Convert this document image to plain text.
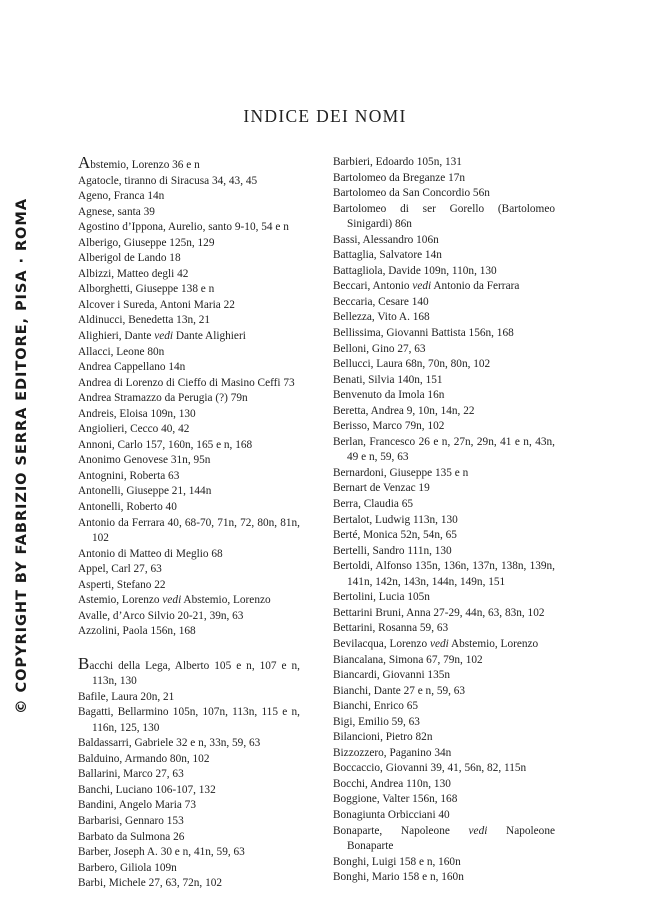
© COPYRIGHT BY FABRIZIO SERRA EDITORE, PISA · ROMA
INDICE DEI NOMI

Abstemio, Lorenzo 36 e n

Agatocle, tiranno di Siracusa 34, 43, 45

Ageno, Franca 14n

Agnese, santa 39

Agostino d’Ippona, Aurelio, santo 9-10, 54 e n

Alberigo, Giuseppe 125n, 129

Alberigol de Lando 18

Albizzi, Matteo degli 42

Alborghetti, Giuseppe 138 e n

Alcover i Sureda, Antoni Maria 22

Aldinucci, Benedetta 13n, 21

Alighieri, Dante vedi Dante Alighieri

Allacci, Leone 80n

Andrea Cappellano 14n

Andrea di Lorenzo di Cieffo di Masino Ceffi 73

Andrea Stramazzo da Perugia (?) 79n

Andreis, Eloisa 109n, 130

Angiolieri, Cecco 40, 42

Annoni, Carlo 157, 160n, 165 e n, 168

Anonimo Genovese 31n, 95n

Antognini, Roberta 63

Antonelli, Giuseppe 21, 144n

Antonelli, Roberto 40

Antonio da Ferrara 40, 68-70, 71n, 72, 80n, 81n, 102

Antonio di Matteo di Meglio 68

Appel, Carl 27, 63

Asperti, Stefano 22

Astemio, Lorenzo vedi Abstemio, Lorenzo

Avalle, d’Arco Silvio 20-21, 39n, 63

Azzolini, Paola 156n, 168

Bacchi della Lega, Alberto 105 e n, 107 e n, 113n, 130

Bafile, Laura 20n, 21

Bagatti, Bellarmino 105n, 107n, 113n, 115 e n, 116n, 125, 130

Baldassarri, Gabriele 32 e n, 33n, 59, 63

Balduino, Armando 80n, 102

Ballarini, Marco 27, 63

Banchi, Luciano 106-107, 132

Bandini, Angelo Maria 73

Barbarisi, Gennaro 153

Barbato da Sulmona 26

Barber, Joseph A. 30 e n, 41n, 59, 63

Barbero, Giliola 109n

Barbi, Michele 27, 63, 72n, 102

Barbieri, Edoardo 105n, 131

Bartolomeo da Breganze 17n

Bartolomeo da San Concordio 56n

Bartolomeo di ser Gorello (Bartolomeo Sinigardi) 86n

Bassi, Alessandro 106n

Battaglia, Salvatore 14n

Battagliola, Davide 109n, 110n, 130

Beccari, Antonio vedi Antonio da Ferrara

Beccaria, Cesare 140

Bellezza, Vito A. 168

Bellissima, Giovanni Battista 156n, 168

Belloni, Gino 27, 63

Bellucci, Laura 68n, 70n, 80n, 102

Benati, Silvia 140n, 151

Benvenuto da Imola 16n

Beretta, Andrea 9, 10n, 14n, 22

Berisso, Marco 79n, 102

Berlan, Francesco 26 e n, 27n, 29n, 41 e n, 43n, 49 e n, 59, 63

Bernardoni, Giuseppe 135 e n

Bernart de Venzac 19

Berra, Claudia 65

Bertalot, Ludwig 113n, 130

Berté, Monica 52n, 54n, 65

Bertelli, Sandro 111n, 130

Bertoldi, Alfonso 135n, 136n, 137n, 138n, 139n, 141n, 142n, 143n, 144n, 149n, 151

Bertolini, Lucia 105n

Bettarini Bruni, Anna 27-29, 44n, 63, 83n, 102

Bettarini, Rosanna 59, 63

Bevilacqua, Lorenzo vedi Abstemio, Lorenzo

Biancalana, Simona 67, 79n, 102

Biancardi, Giovanni 135n

Bianchi, Dante 27 e n, 59, 63

Bianchi, Enrico 65

Bigi, Emilio 59, 63

Bilancioni, Pietro 82n

Bizzozzero, Paganino 34n

Boccaccio, Giovanni 39, 41, 56n, 82, 115n

Bocchi, Andrea 110n, 130

Boggione, Valter 156n, 168

Bonagiunta Orbicciani 40

Bonaparte, Napoleone vedi Napoleone Bonaparte

Bonghi, Luigi 158 e n, 160n

Bonghi, Mario 158 e n, 160n
